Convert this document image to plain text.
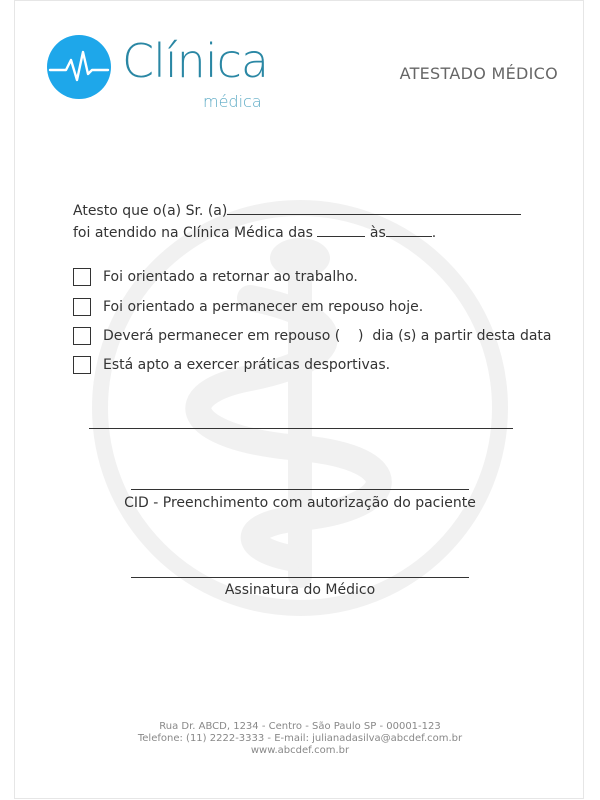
Clínica
médica
ATESTADO MÉDICO
Atesto que o(a) Sr. (a)
foi atendido na Clínica Médica das	às	.
Foi orientado a retornar ao trabalho.
Foi orientado a permanecer em repouso hoje.
Deverá permanecer em repouso (    )  dia (s) a partir desta data
Está apto a exercer práticas desportivas.
CID - Preenchimento com autorização do paciente
Assinatura do Médico
Rua Dr. ABCD, 1234 - Centro - São Paulo SP - 00001-123
Telefone: (11) 2222-3333 - E-mail: julianadasilva@abcdef.com.br
www.abcdef.com.br
